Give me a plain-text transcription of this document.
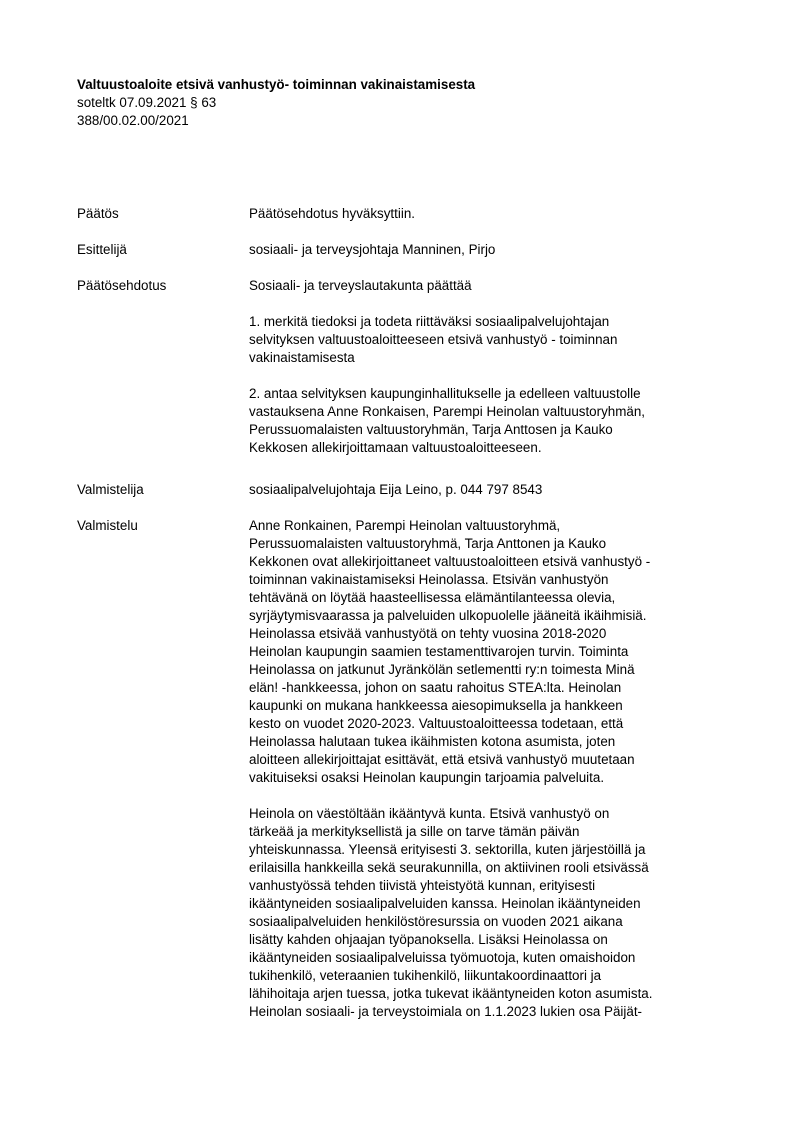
Valtuustoaloite etsivä vanhustyö- toiminnan vakinaistamisesta
soteltk 07.09.2021 § 63
388/00.02.00/2021
Päätös	Päätösehdotus hyväksyttiin.
Esittelijä	sosiaali- ja terveysjohtaja Manninen, Pirjo
Päätösehdotus	Sosiaali- ja terveyslautakunta päättää

1. merkitä tiedoksi ja todeta riittäväksi sosiaalipalvelujohtajan
selvityksen valtuustoaloitteeseen etsivä vanhustyö - toiminnan
vakinaistamisesta

2. antaa selvityksen kaupunginhallitukselle ja edelleen valtuustolle
vastauksena Anne Ronkaisen, Parempi Heinolan valtuustoryhmän,
Perussuomalaisten valtuustoryhmän, Tarja Anttosen ja Kauko
Kekkosen allekirjoittamaan valtuustoaloitteeseen.

Valmistelija	sosiaalipalvelujohtaja Eija Leino, p. 044 797 8543
Valmistelu	Anne Ronkainen, Parempi Heinolan valtuustoryhmä,
Perussuomalaisten valtuustoryhmä, Tarja Anttonen ja Kauko
Kekkonen ovat allekirjoittaneet valtuustoaloitteen etsivä vanhustyö -
toiminnan vakinaistamiseksi Heinolassa. Etsivän vanhustyön
tehtävänä on löytää haasteellisessa elämäntilanteessa olevia,
syrjäytymisvaarassa ja palveluiden ulkopuolelle jääneitä ikäihmisiä.
Heinolassa etsivää vanhustyötä on tehty vuosina 2018-2020
Heinolan kaupungin saamien testamenttivarojen turvin. Toiminta
Heinolassa on jatkunut Jyränkölän setlementti ry:n toimesta Minä
elän! -hankkeessa, johon on saatu rahoitus STEA:lta. Heinolan
kaupunki on mukana hankkeessa aiesopimuksella ja hankkeen
kesto on vuodet 2020-2023. Valtuustoaloitteessa todetaan, että
Heinolassa halutaan tukea ikäihmisten kotona asumista, joten
aloitteen allekirjoittajat esittävät, että etsivä vanhustyö muutetaan
vakituiseksi osaksi Heinolan kaupungin tarjoamia palveluita.

Heinola on väestöltään ikääntyvä kunta. Etsivä vanhustyö on
tärkeää ja merkityksellistä ja sille on tarve tämän päivän
yhteiskunnassa. Yleensä erityisesti 3. sektorilla, kuten järjestöillä ja
erilaisilla hankkeilla sekä seurakunnilla, on aktiivinen rooli etsivässä
vanhustyössä tehden tiivistä yhteistyötä kunnan, erityisesti
ikääntyneiden sosiaalipalveluiden kanssa. Heinolan ikääntyneiden
sosiaalipalveluiden henkilöstöresurssia on vuoden 2021 aikana
lisätty kahden ohjaajan työpanoksella. Lisäksi Heinolassa on
ikääntyneiden sosiaalipalveluissa työmuotoja, kuten omaishoidon
tukihenkilö, veteraanien tukihenkilö, liikuntakoordinaattori ja
lähihoitaja arjen tuessa, jotka tukevat ikääntyneiden koton asumista.
Heinolan sosiaali- ja terveystoimiala on 1.1.2023 lukien osa Päijät-
